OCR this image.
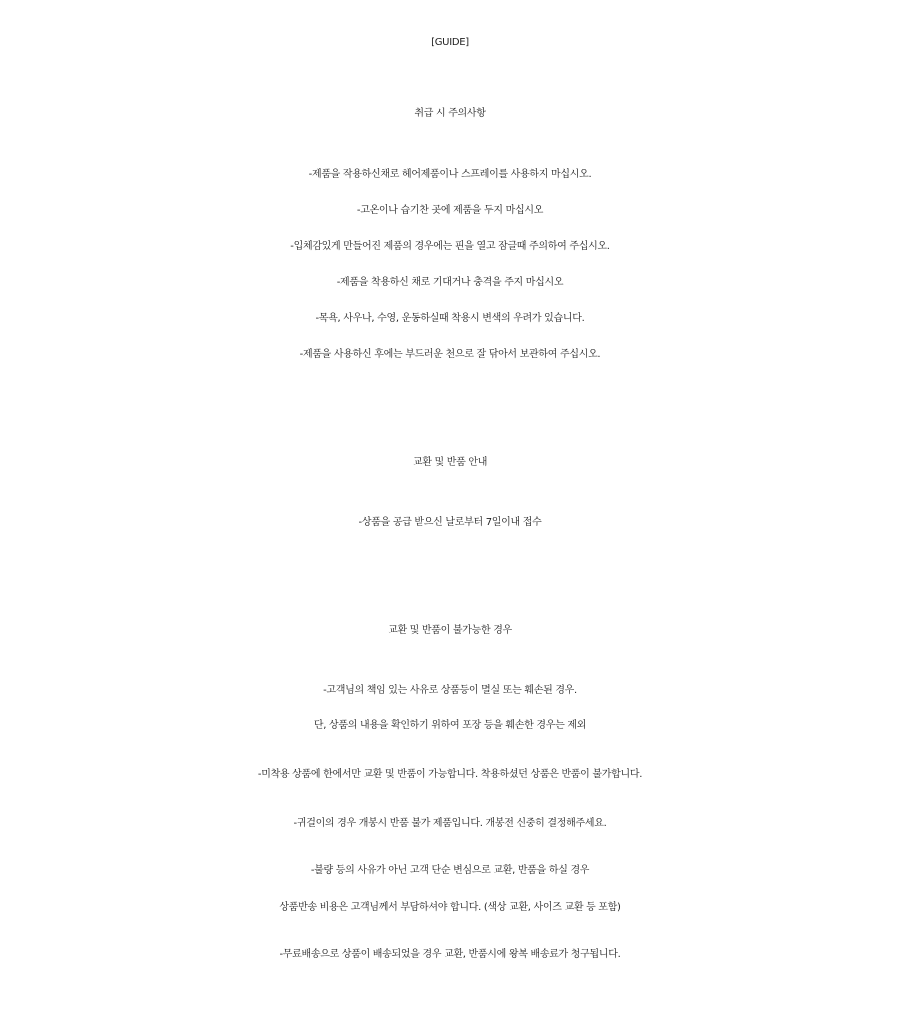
[GUIDE]
취급 시 주의사항
-제품을 작용하신채로 헤어제품이나 스프레이를 사용하지 마십시오.
-고온이나 습기찬 곳에 제품을 두지 마십시오
-입체감있게 만들어진 제품의 경우에는 핀을 열고 잠글때 주의하여 주십시오.
-제품을 착용하신 채로 기대거나 충격을 주지 마십시오
-목욕, 사우나, 수영, 운동하실때 착용시 변색의 우려가 있습니다.
-제품을 사용하신 후에는 부드러운 천으로 잘 닦아서 보관하여 주십시오.
교환 및 반품 안내
-상품을 공급 받으신 날로부터 7일이내 접수
교환 및 반품이 불가능한 경우
-고객님의 책임 있는 사유로 상품등이 멸실 또는 훼손된 경우.
단, 상품의 내용을 확인하기 위하여 포장 등을 훼손한 경우는 제외
-미착용 상품에 한에서만 교환 및 반품이 가능합니다. 착용하셨던 상품은 반품이 불가합니다.
-귀걸이의 경우 개봉시 반품 불가 제품입니다. 개봉전 신중히 결정해주세요.
-불량 등의 사유가 아닌 고객 단순 변심으로 교환, 반품을 하실 경우
상품반송 비용은 고객님께서 부담하셔야 합니다. (색상 교환, 사이즈 교환 등 포함)
-무료배송으로 상품이 배송되었을 경우 교환, 반품시에 왕복 배송료가 청구됩니다.
